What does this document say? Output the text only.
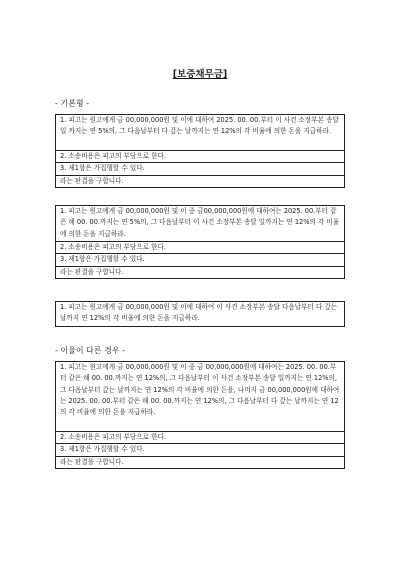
[보증채무금]
- 기본형 -
1. 피고는 원고에게 금 00,000,000원 및 이에 대하여 2025. 00. 00.부터 이 사건 소장부본 송달일 까지는 연 5%의, 그 다음날부터 다 갚는 날까지는 연 12%의 각 비율에 의한 돈을 지급하라.
2. 소송비용은 피고의 부담으로 한다.
3. 제1항은 가집행할 수 있다.
라는 판결을 구합니다.
1. 피고는 원고에게 금 00,000,000원 및 이 중 금00,000,000원에 대하여는 2025. 00.부터 같은 해 00. 00.까지는 연 5%의, 그 다음날부터 이 사건 소장부본 송달 일까지는 연 12%의 각 비율에 의한 돈을 지급하라.
2. 소송비용은 피고의 부담으로 한다.
3. 제1항은 가집행할 수 있다.
라는 판결을 구합니다.
1. 피고는 원고에게 금 00,000,000원 및 이에 대하여 이 사건 소장부본 송달 다음날부터 다 갚는 날까지 연 12%의 각 비율에 의한 돈을 지급하라.
- 이율이 다른 경우 -
1. 피고는 원고에게 금 00,000,000원 및 이 중 금 00,000,000원에 대하여는 2025. 00. 00.부터 같은 해 00. 00.까지는 연 12%의, 그 다음날부터 이 사건 소장부본 송달 일까지는 연 12%의, 그 다음날부터 갚는 날까지는 연 12%의 각 비율에 의한 돈을, 나머지 금 00,000,000원에 대하여는 2025. 00. 00.부터 같은 해 00. 00.까지는 연 12%의, 그 다음날부터 다 갚는 날까지는 연 12의 각 비율에 의한 돈을 지급하라.
2. 소송비용은 피고의 부담으로 한다.
3. 제1항은 가집행할 수 있다.
라는 판결을 구합니다.
